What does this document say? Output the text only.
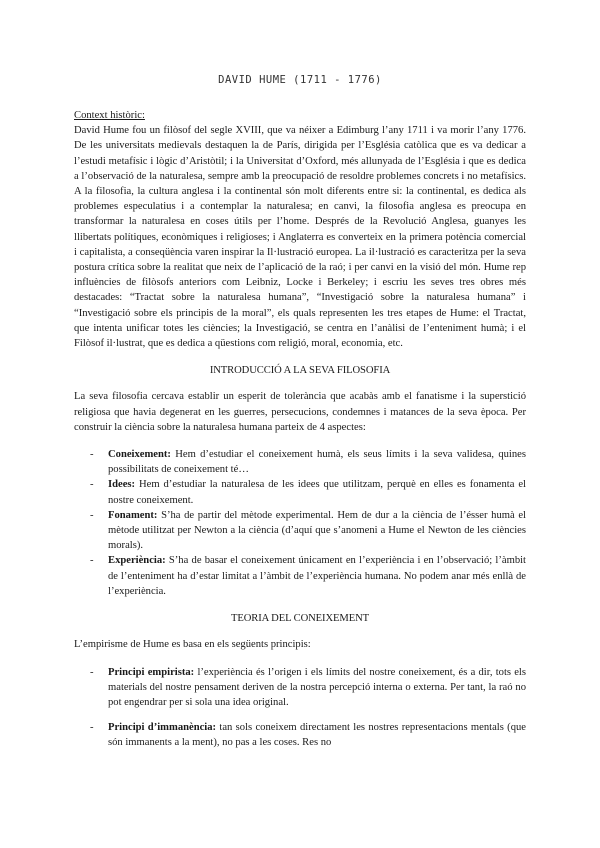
DAVID HUME (1711 - 1776)
Context històric:

David Hume fou un filòsof del segle XVIII, que va néixer a Edimburg l’any 1711 i va morir l’any 1776. De les universitats medievals destaquen la de París, dirigida per l’Església catòlica que es va dedicar a l’estudi metafísic i lògic d’Aristòtil; i la Universitat d’Oxford, més allunyada de l’Església i que es dedica a l’observació de la naturalesa, sempre amb la preocupació de resoldre problemes concrets i no metafísics. A la filosofia, la cultura anglesa i la continental són molt diferents entre si: la continental, es dedica als problemes especulatius i a contemplar la naturalesa; en canvi, la filosofia anglesa es preocupa en transformar la naturalesa en coses útils per l’home. Després de la Revolució Anglesa, guanyes les llibertats polítiques, econòmiques i religioses; i Anglaterra es converteix en la primera potència comercial i capitalista, a conseqüència varen inspirar la Il·lustració europea. La il·lustració es caracteritza per la seva postura crítica sobre la realitat que neix de l’aplicació de la raó; i per canvi en la visió del món. Hume rep influències de filòsofs anteriors com Leibniz, Locke i Berkeley; i escriu les seves tres obres més destacades: “Tractat sobre la naturalesa humana”, “Investigació sobre la naturalesa humana” i “Investigació sobre els principis de la moral”, els quals representen les tres etapes de Hume: el Tractat, que intenta unificar totes les ciències; la Investigació, se centra en l’anàlisi de l’enteniment humà; i el Filòsof il·lustrat, que es dedica a qüestions com religió, moral, economia, etc.

INTRODUCCIÓ A LA SEVA FILOSOFIA

La seva filosofia cercava establir un esperit de tolerància que acabàs amb el fanatisme i la superstició religiosa que havia degenerat en les guerres, persecucions, condemnes i matances de la seva època. Per construir la ciència sobre la naturalesa humana parteix de 4 aspectes:

- Coneixement: Hem d’estudiar el coneixement humà, els seus límits i la seva validesa, quines possibilitats de coneixement té…
- Idees: Hem d’estudiar la naturalesa de les idees que utilitzam, perquè en elles es fonamenta el nostre coneixement.
- Fonament: S’ha de partir del mètode experimental. Hem de dur a la ciència de l’ésser humà el mètode utilitzat per Newton a la ciència (d’aquí que s’anomeni a Hume el Newton de les ciències morals).
- Experiència: S’ha de basar el coneixement únicament en l’experiència i en l’observació; l’àmbit de l’enteniment ha d’estar limitat a l’àmbit de l’experiència humana. No podem anar més enllà de l’experiència.
TEORIA DEL CONEIXEMENT

L’empirisme de Hume es basa en els següents principis:

- Principi empirista: l’experiència és l’origen i els límits del nostre coneixement, és a dir, tots els materials del nostre pensament deriven de la nostra percepció interna o externa. Per tant, la raó no pot engendrar per si sola una idea original.
- Principi d’immanència: tan sols coneixem directament les nostres representacions mentals (que són immanents a la ment), no pas a les coses. Res no
